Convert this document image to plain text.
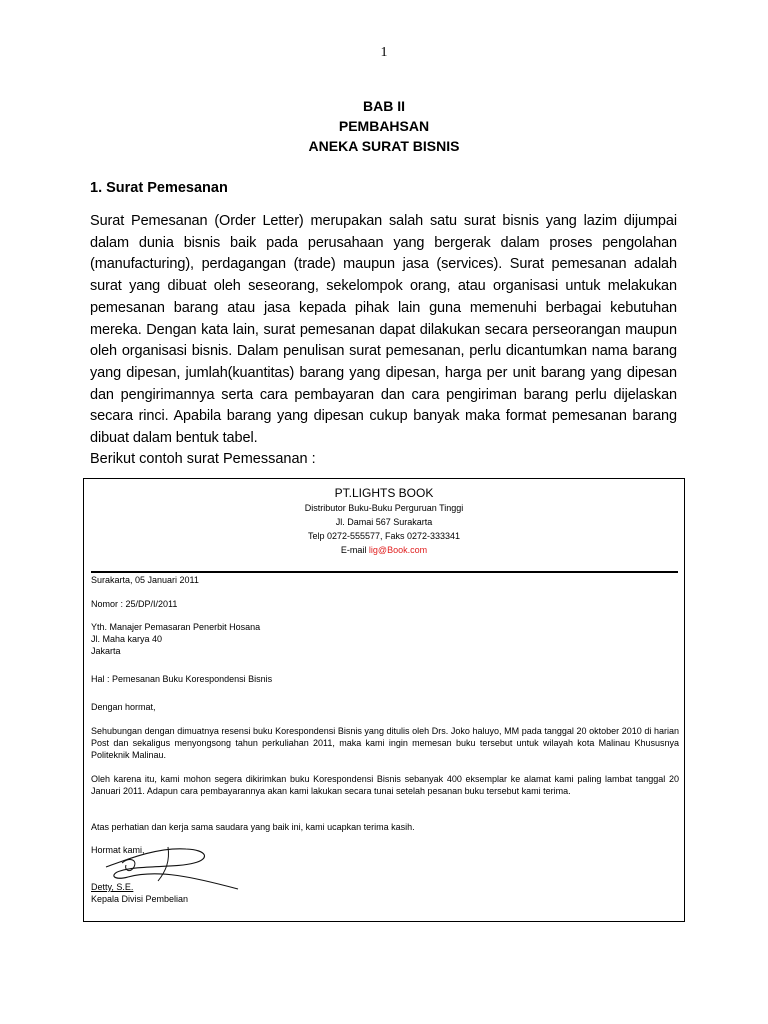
1
BAB II
PEMBAHSAN
ANEKA SURAT BISNIS
1. Surat Pemesanan
Surat Pemesanan (Order Letter) merupakan salah satu surat bisnis yang lazim dijumpai dalam dunia bisnis baik pada perusahaan yang bergerak dalam proses pengolahan (manufacturing), perdagangan (trade) maupun jasa (services). Surat pemesanan adalah surat yang dibuat oleh seseorang, sekelompok orang, atau organisasi untuk melakukan pemesanan barang atau jasa kepada pihak lain guna memenuhi berbagai kebutuhan mereka. Dengan kata lain, surat pemesanan dapat dilakukan secara perseorangan maupun oleh organisasi bisnis. Dalam penulisan surat pemesanan, perlu dicantumkan nama barang yang dipesan, jumlah(kuantitas) barang yang dipesan, harga per unit barang yang dipesan dan pengirimannya serta cara pembayaran dan cara pengiriman barang perlu dijelaskan secara rinci. Apabila barang yang dipesan cukup banyak maka format pemesanan barang dibuat dalam bentuk tabel.
Berikut contoh surat Pemessanan :
PT.LIGHTS BOOK
Distributor Buku-Buku Perguruan Tinggi
Jl. Damai 567 Surakarta
Telp 0272-555577, Faks 0272-333341
E-mail lig@Book.com
Surakarta, 05 Januari 2011
Nomor : 25/DP/I/2011
Yth. Manajer Pemasaran Penerbit Hosana
Jl. Maha karya 40
Jakarta
Hal : Pemesanan Buku Korespondensi Bisnis
Dengan hormat,

Sehubungan dengan dimuatnya resensi buku Korespondensi Bisnis yang ditulis oleh Drs. Joko haluyo, MM pada tanggal 20 oktober 2010 di harian Post dan sekaligus menyongsong tahun perkuliahan 2011, maka kami ingin memesan buku tersebut untuk wilayah kota Malinau Khususnya Politeknik Malinau.

Oleh karena itu, kami mohon segera dikirimkan buku Korespondensi Bisnis sebanyak 400 eksemplar ke alamat kami paling lambat tanggal 20 Januari 2011. Adapun cara pembayarannya akan kami lakukan secara tunai setelah pesanan buku tersebut kami terima.

Atas perhatian dan kerja sama saudara yang baik ini, kami ucapkan terima kasih.
Hormat kami,
Detty, S.E.
Kepala Divisi Pembelian
